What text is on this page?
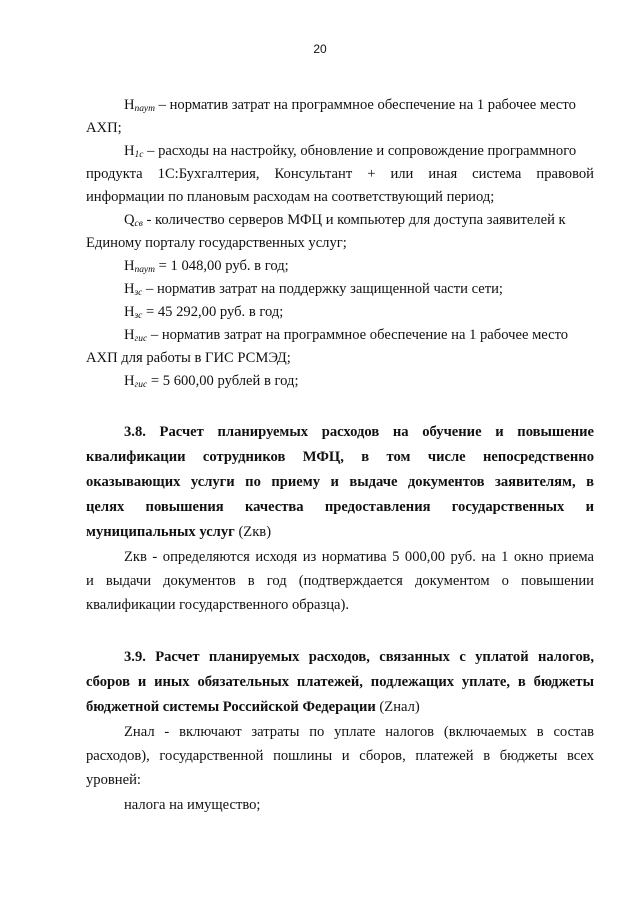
20
$Н_{паут}$ – норматив затрат на программное обеспечение на 1 рабочее место
АХП;
$Н_{1с}$ – расходы на настройку, обновление и сопровождение программного
продукта 1С:Бухгалтерия, Консультант + или иная система правовой
информации по плановым расходам на соответствующий период;
$Q_{св}$ - количество серверов МФЦ и компьютер для доступа заявителей к
Единому порталу государственных услуг;
$Н_{паут} = 1$ 048,00 руб. в год;
$Н_{зс}$ – норматив затрат на поддержку защищенной части сети;
$Н_{зс} = 45$ 292,00 руб. в год;
$Н_{гис}$ – норматив затрат на программное обеспечение на 1 рабочее место
АХП для работы в ГИС РСМЭД;
$Н_{гис} = 5$ 600,00 рублей в год;
3.8. Расчет планируемых расходов на обучение и повышение
квалификации сотрудников МФЦ, в том числе непосредственно
оказывающих услуги по приему и выдаче документов заявителям, в
целях повышения качества предоставления государственных и
муниципальных услуг (Zкв)
Zкв - определяются исходя из норматива 5 000,00 руб. на 1 окно приема
и выдачи документов в год (подтверждается документом о повышении
квалификации государственного образца).
3.9. Расчет планируемых расходов, связанных с уплатой налогов,
сборов и иных обязательных платежей, подлежащих уплате, в бюджеты
бюджетной системы Российской Федерации (Zнал)
Zнал - включают затраты по уплате налогов (включаемых в состав
расходов), государственной пошлины и сборов, платежей в бюджеты всех
уровней:
налога на имущество;
